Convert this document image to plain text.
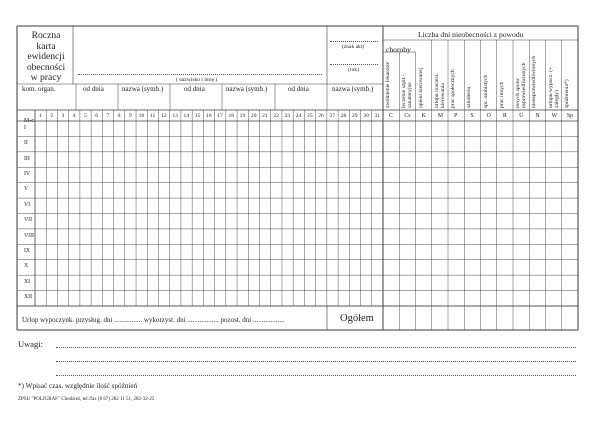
Roczna
karta
ewidencji
obecności
w pracy	( nazwisko i imię )
(znak akt)
(rok)
kom. organ.	od dnia	nazwa (symb.)	od dnia	nazwa (symb.)	od dnia	nazwa (symb.)
Liczba dni nieobecności z powodu
choroby
M-c
1 2 3 4 5 6 7 8 9 10 11 12 13 14 15 16 17 18 19 20 21 22 23 24 25 26 27 28 29 30 31
I
II
III
IV
V
VI
VII
VIII
IX
X
XI
XII
C Cs K M P S O R U N W Sp
zwolnienie lekarskie leczenie szpit.-sanatoryjne opieki kierowanej urlopu macierz. kierowania prac społecznych szkolenia spr. osobistych prac innych innych spraw usprawiedliwionych nieusprawiedliwionych urlopu wypocz. (+ zaległy) spóźnienia*)
Urlop wypoczynk. przysług. dni ................ wykorzyst. dni .................. pozost. dni ..................	Ogółem
Uwagi:
*) Wpisać czas, względnie ilość spóźnień
ZPSU "POLIGRAF" Chodzież, tel./fax (0 67) 282 11 51, 282-32-25
